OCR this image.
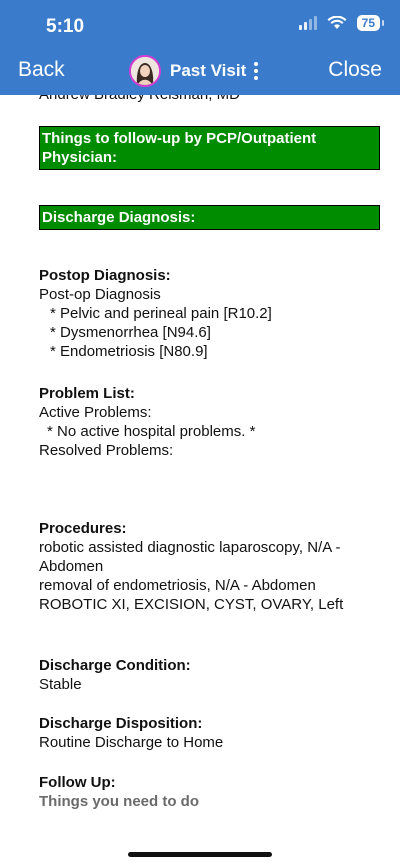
5:10	75
Back	Past Visit	Close
Things to follow-up by PCP/Outpatient Physician:
Discharge Diagnosis:
Postop Diagnosis:
Post-op Diagnosis
* Pelvic and perineal pain [R10.2]
* Dysmenorrhea [N94.6]
* Endometriosis [N80.9]
Problem List:
Active Problems:
* No active hospital problems. *
Resolved Problems:
Procedures:
robotic assisted diagnostic laparoscopy, N/A -
Abdomen
removal of endometriosis, N/A - Abdomen
ROBOTIC XI, EXCISION, CYST, OVARY, Left
Discharge Condition:
Stable
Discharge Disposition:
Routine Discharge to Home
Follow Up:
Things you need to do
